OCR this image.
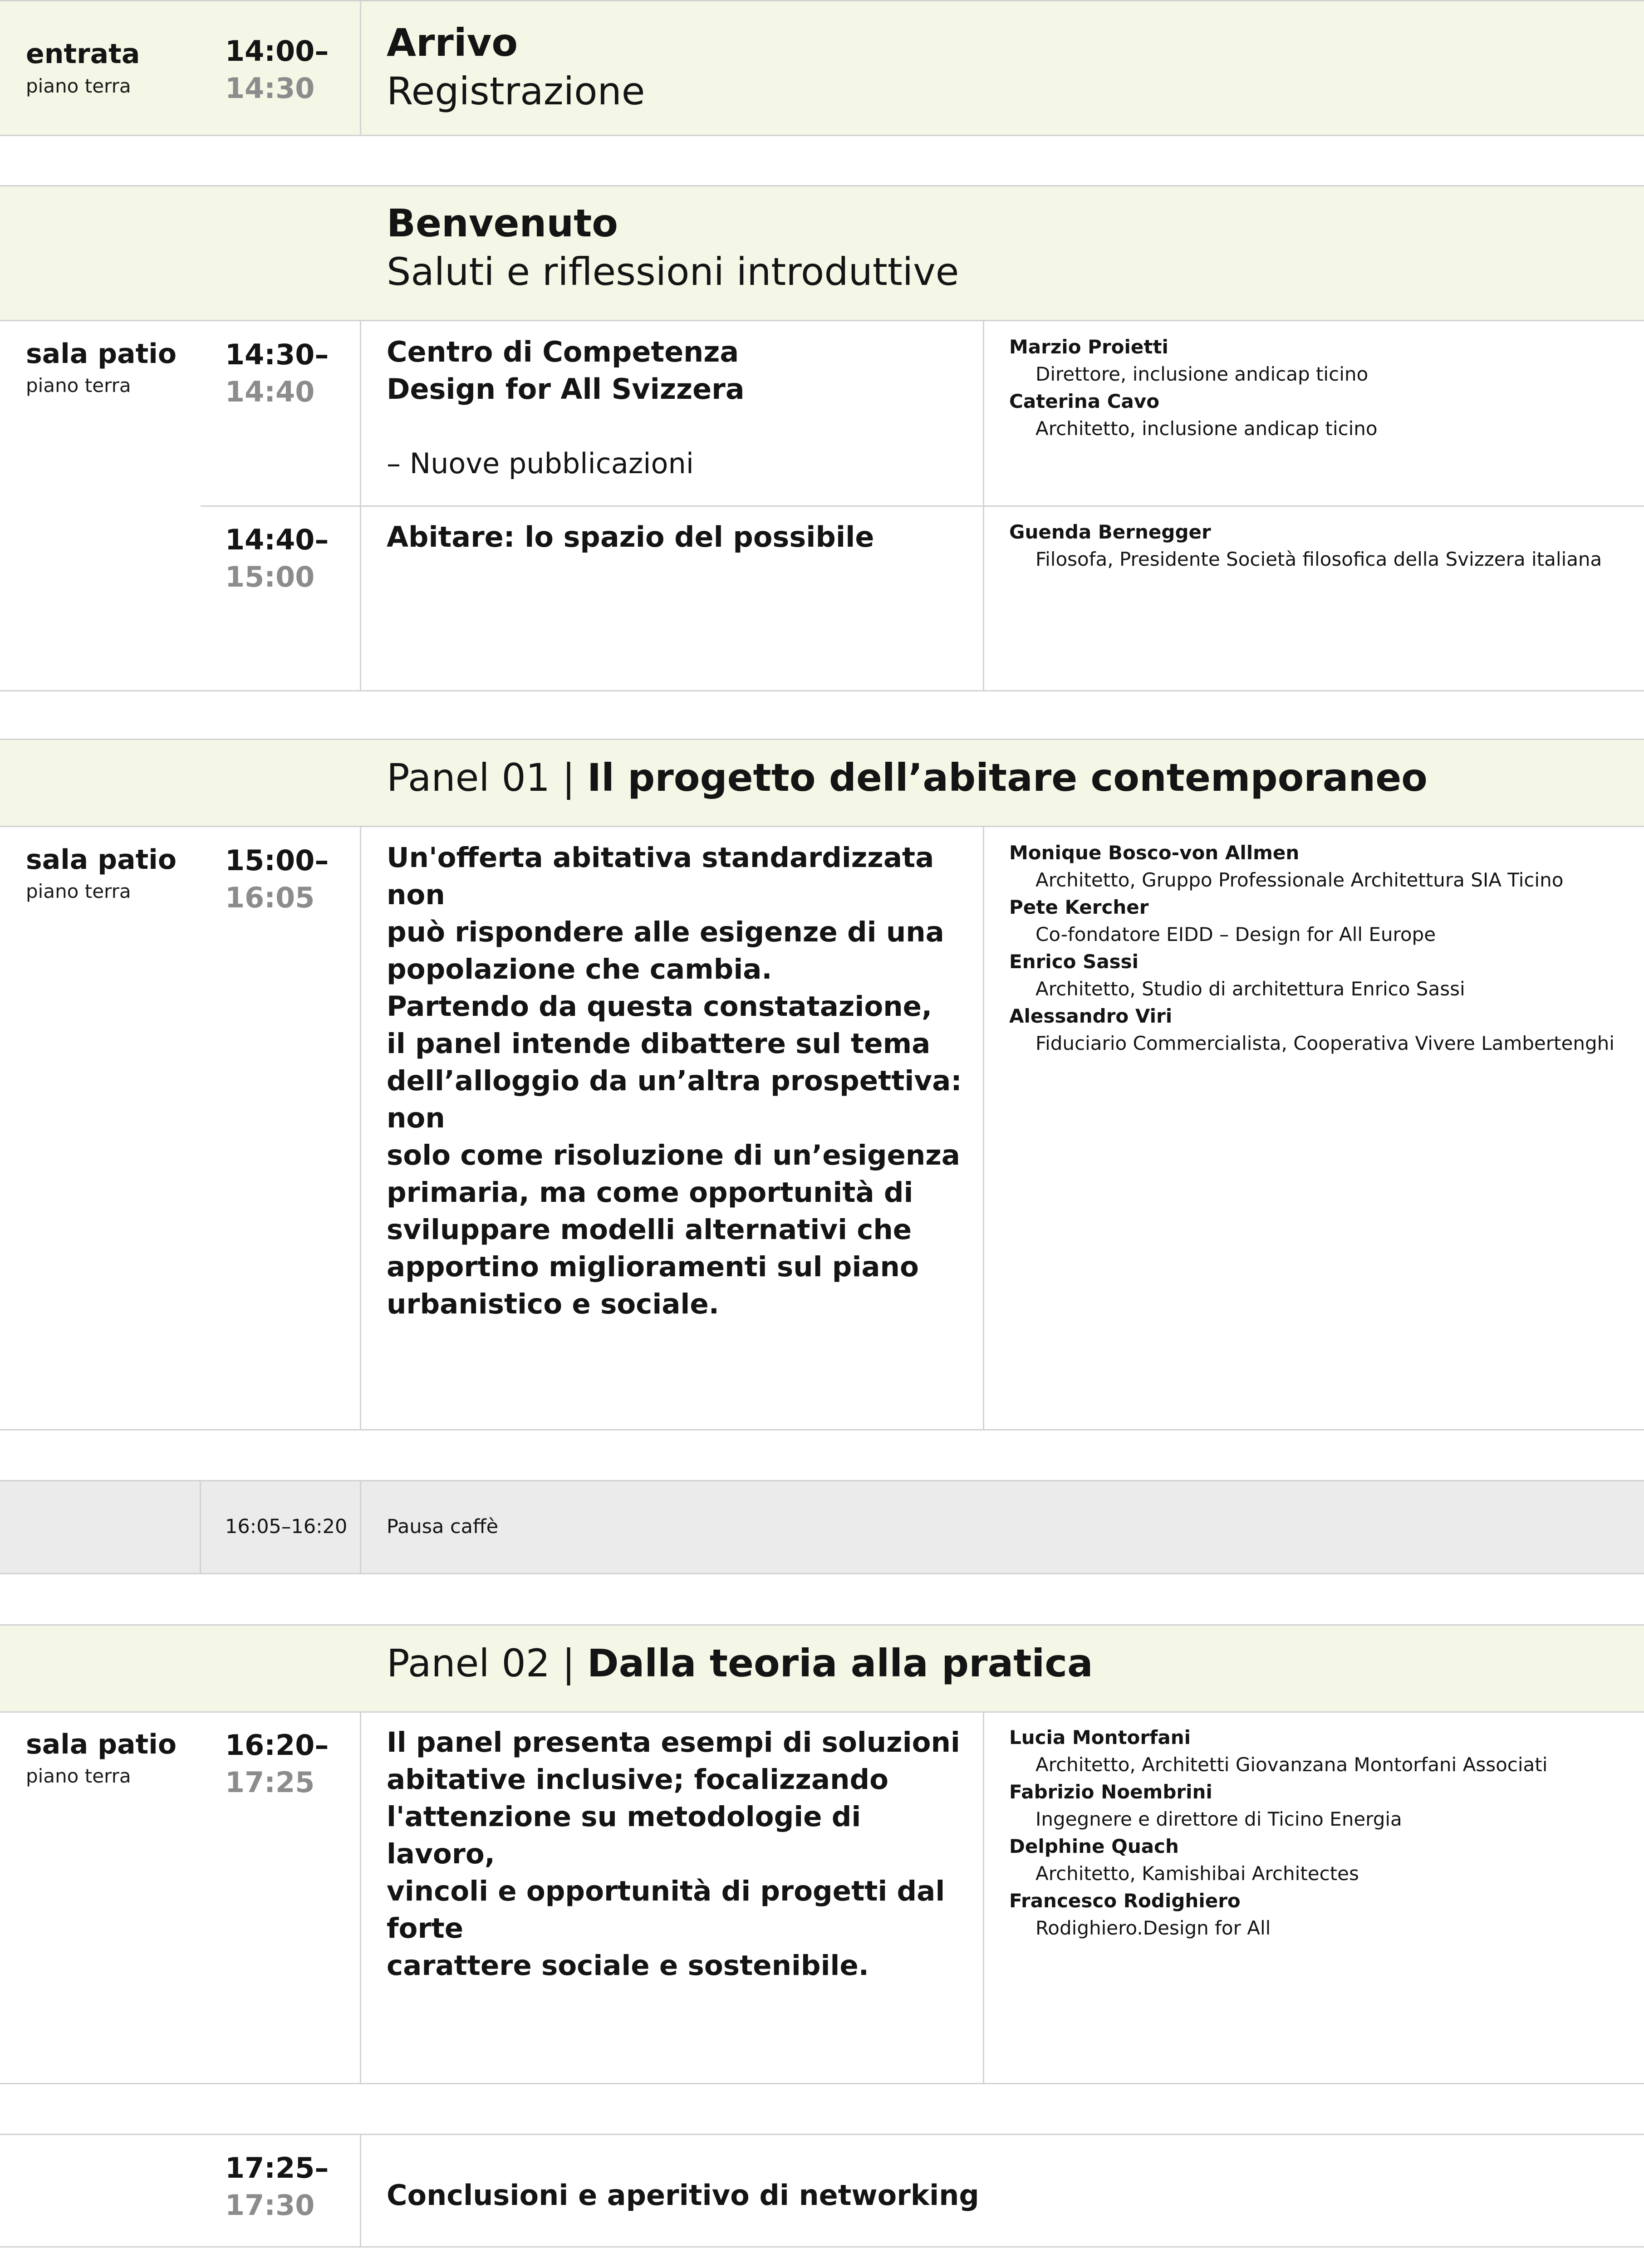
entrata
piano terra
14:00–
14:30
Arrivo
Registrazione
Benvenuto
Saluti e riflessioni introduttive
sala patio
piano terra
14:30–
14:40
Centro di Competenza
Design for All Svizzera
– Nuove pubblicazioni
Marzio Proietti
Direttore, inclusione andicap ticino
Caterina Cavo
Architetto, inclusione andicap ticino
14:40–
15:00
Abitare: lo spazio del possibile	Guenda Bernegger
Filosofa, Presidente Società filosofica della Svizzera italiana
Panel 01 | Il progetto dell’abitare contemporaneo
sala patio
piano terra
15:00–
16:05
Un'offerta abitativa standardizzata non
può rispondere alle esigenze di una
popolazione che cambia.
Partendo da questa constatazione,
il panel intende dibattere sul tema
dell’alloggio da un’altra prospettiva: non
solo come risoluzione di un’esigenza
primaria, ma come opportunità di
sviluppare modelli alternativi che
apportino miglioramenti sul piano
urbanistico e sociale.
Monique Bosco-von Allmen
Architetto, Gruppo Professionale Architettura SIA Ticino
Pete Kercher
Co-fondatore EIDD – Design for All Europe
Enrico Sassi
Architetto, Studio di architettura Enrico Sassi
Alessandro Viri
Fiduciario Commercialista, Cooperativa Vivere Lambertenghi
16:05–16:20 Pausa caffè
Panel 02 | Dalla teoria alla pratica
sala patio
piano terra
16:20–
17:25
Il panel presenta esempi di soluzioni
abitative inclusive; focalizzando
l'attenzione su metodologie di lavoro,
vincoli e opportunità di progetti dal forte
carattere sociale e sostenibile.
Lucia Montorfani
Architetto, Architetti Giovanzana Montorfani Associati
Fabrizio Noembrini
Ingegnere e direttore di Ticino Energia
Delphine Quach
Architetto, Kamishibai Architectes
Francesco Rodighiero
Rodighiero.Design for All
17:25–
17:30	Conclusioni e aperitivo di networking
